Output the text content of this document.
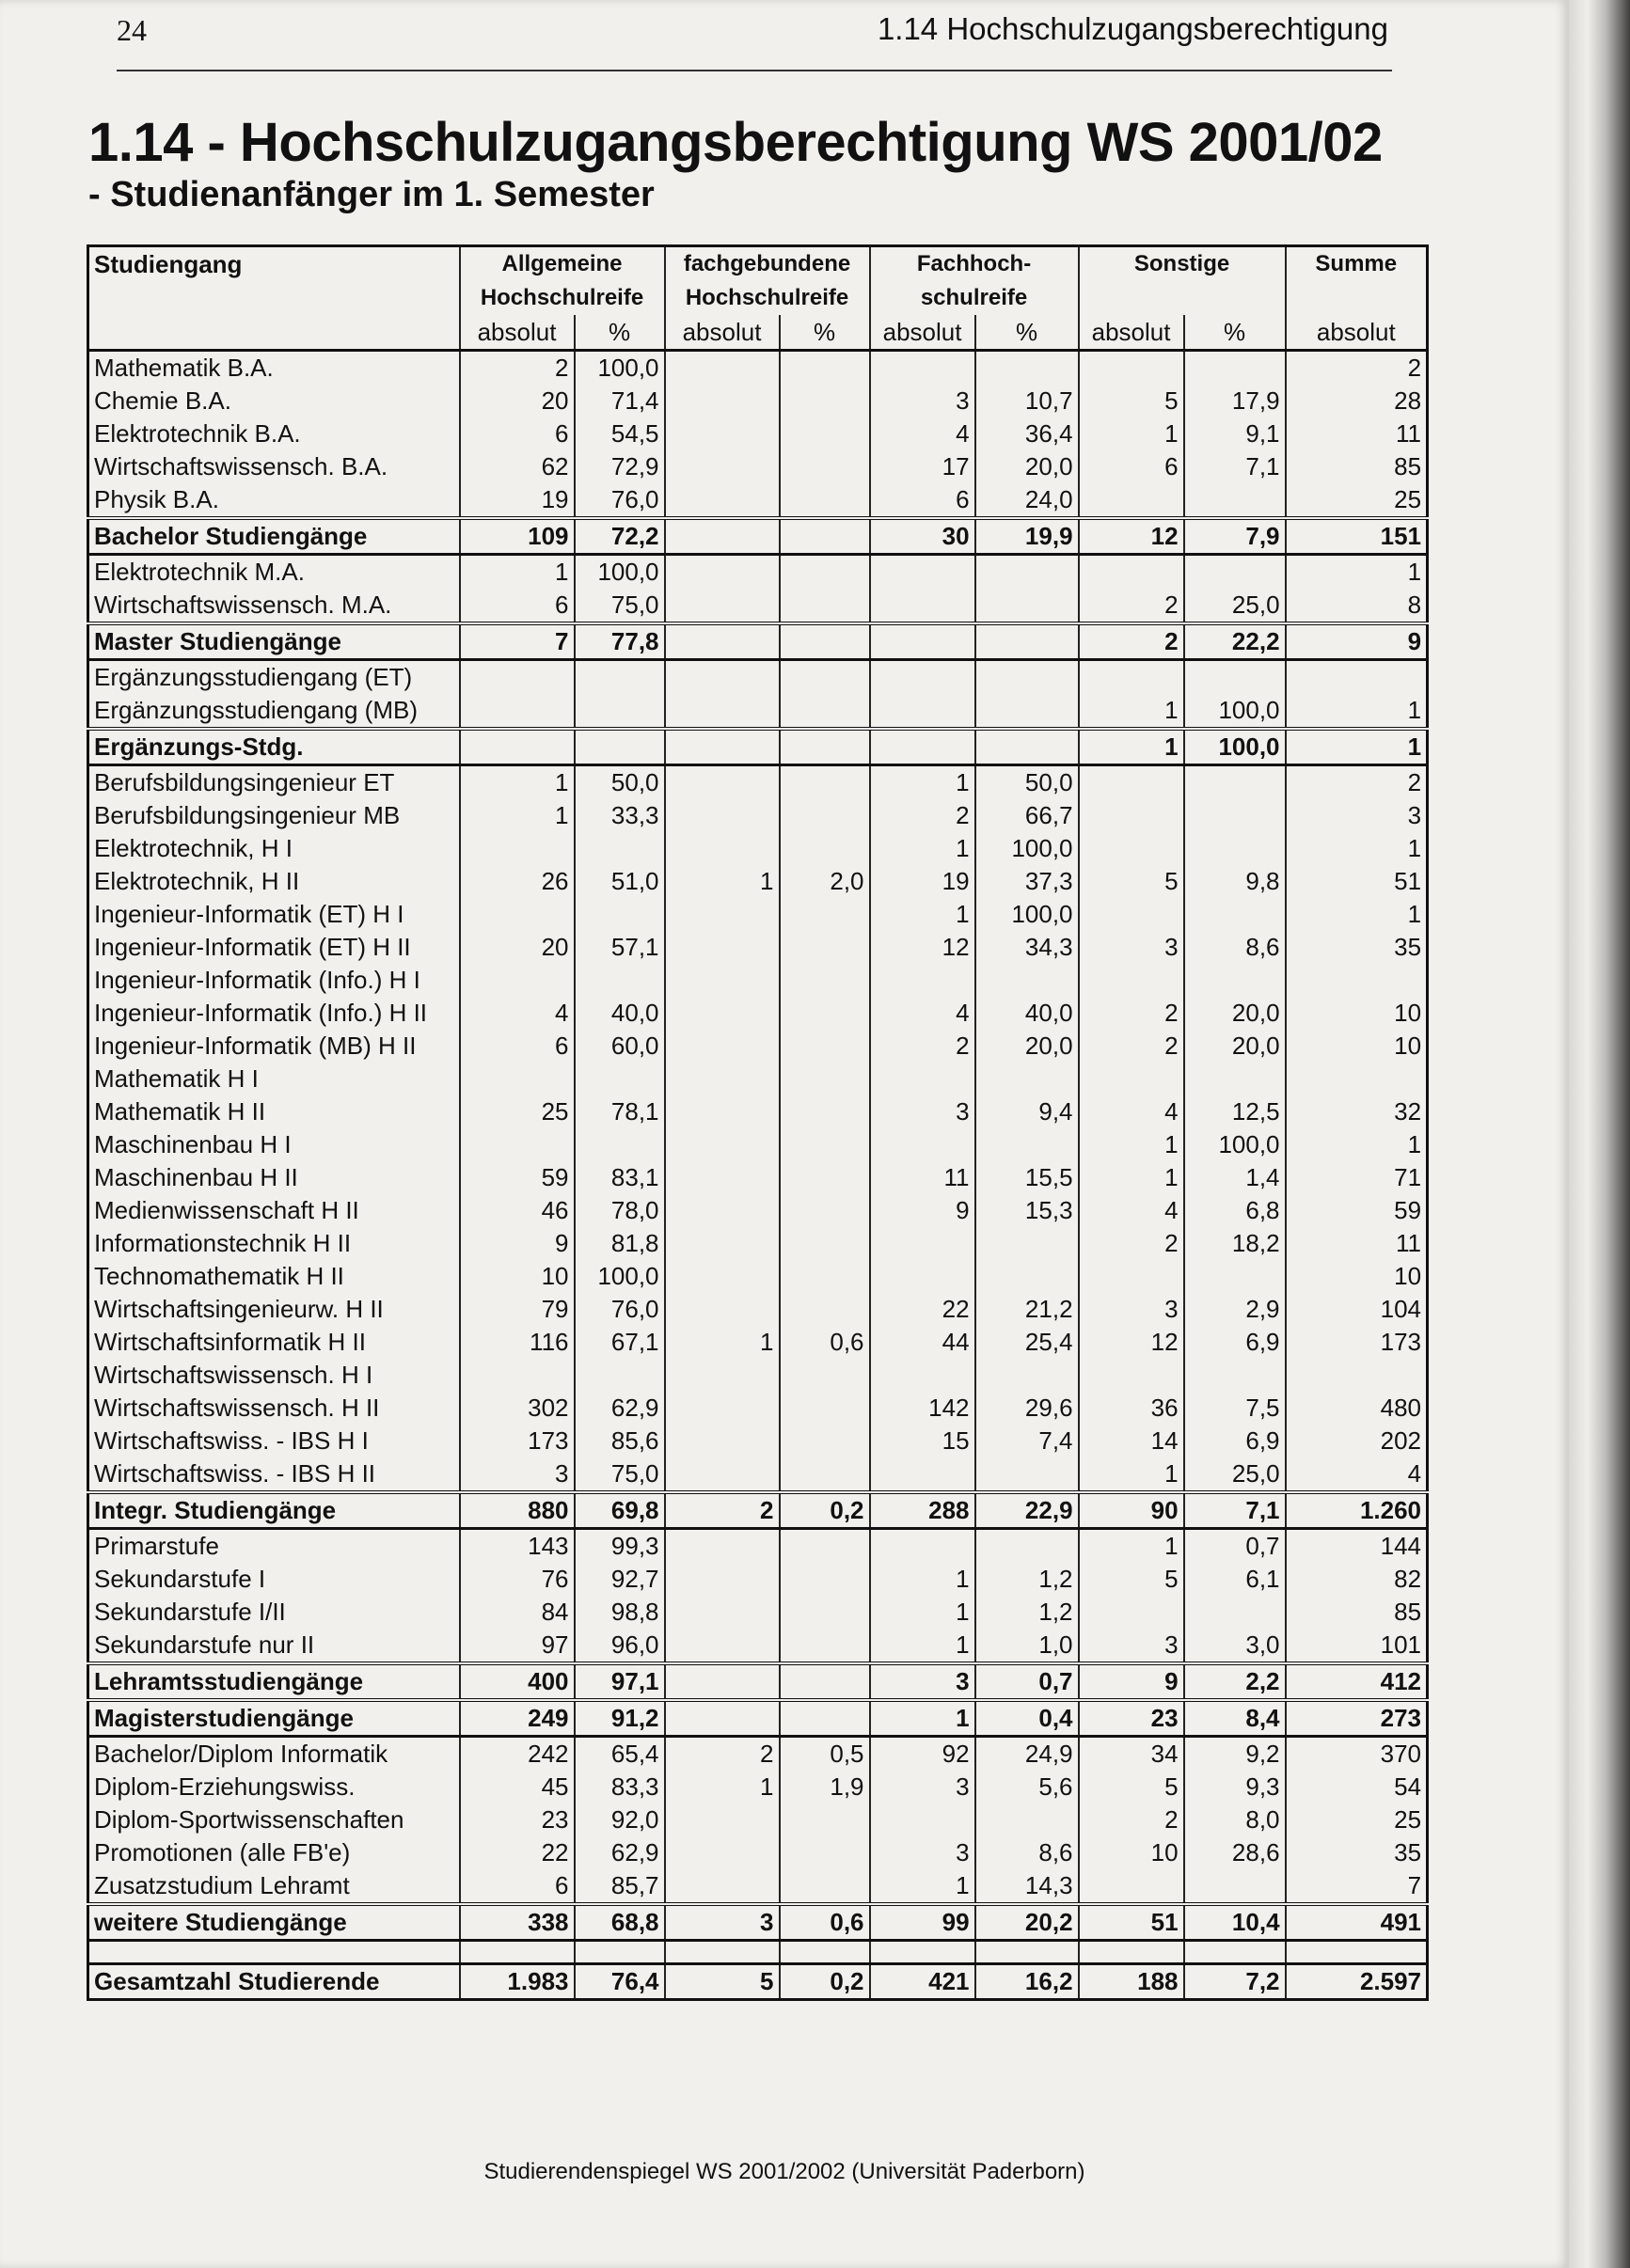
24	1.14 Hochschulzugangsberechtigung
1.14 - Hochschulzugangsberechtigung WS 2001/02
- Studienanfänger im 1. Semester
Studiengang	Allgemeine		fachgebundene		Fachhoch-		Sonstige		Summe
	Hochschulreife		Hochschulreife		schulreife				
	absolut	%	absolut	%	absolut	%	absolut	%	absolut
Mathematik B.A.	2	100,0							2
Chemie B.A.	20	71,4			3	10,7	5	17,9	28
Elektrotechnik B.A.	6	54,5			4	36,4	1	9,1	11
Wirtschaftswissensch. B.A.	62	72,9			17	20,0	6	7,1	85
Physik B.A.	19	76,0			6	24,0			25
Bachelor Studiengänge	109	72,2			30	19,9	12	7,9	151
Elektrotechnik M.A.	1	100,0							1
Wirtschaftswissensch. M.A.	6	75,0					2	25,0	8
Master Studiengänge	7	77,8					2	22,2	9
Ergänzungsstudiengang (ET)									
Ergänzungsstudiengang (MB)							1	100,0	1
Ergänzungs-Stdg.							1	100,0	1
Berufsbildungsingenieur ET	1	50,0			1	50,0			2
Berufsbildungsingenieur MB	1	33,3			2	66,7			3
Elektrotechnik, H I					1	100,0			1
Elektrotechnik, H II	26	51,0	1	2,0	19	37,3	5	9,8	51
Ingenieur-Informatik (ET) H I					1	100,0			1
Ingenieur-Informatik (ET) H II	20	57,1			12	34,3	3	8,6	35
Ingenieur-Informatik (Info.) H I									
Ingenieur-Informatik (Info.) H II	4	40,0			4	40,0	2	20,0	10
Ingenieur-Informatik (MB) H II	6	60,0			2	20,0	2	20,0	10
Mathematik H I									
Mathematik H II	25	78,1			3	9,4	4	12,5	32
Maschinenbau H I							1	100,0	1
Maschinenbau H II	59	83,1			11	15,5	1	1,4	71
Medienwissenschaft H II	46	78,0			9	15,3	4	6,8	59
Informationstechnik H II	9	81,8					2	18,2	11
Technomathematik H II	10	100,0							10
Wirtschaftsingenieurw. H II	79	76,0			22	21,2	3	2,9	104
Wirtschaftsinformatik H II	116	67,1	1	0,6	44	25,4	12	6,9	173
Wirtschaftswissensch. H I									
Wirtschaftswissensch. H II	302	62,9			142	29,6	36	7,5	480
Wirtschaftswiss. - IBS H I	173	85,6			15	7,4	14	6,9	202
Wirtschaftswiss. - IBS H II	3	75,0					1	25,0	4
Integr. Studiengänge	880	69,8	2	0,2	288	22,9	90	7,1	1.260
Primarstufe	143	99,3					1	0,7	144
Sekundarstufe I	76	92,7			1	1,2	5	6,1	82
Sekundarstufe I/II	84	98,8			1	1,2			85
Sekundarstufe nur II	97	96,0			1	1,0	3	3,0	101
Lehramtsstudiengänge	400	97,1			3	0,7	9	2,2	412
Magisterstudiengänge	249	91,2			1	0,4	23	8,4	273
Bachelor/Diplom Informatik	242	65,4	2	0,5	92	24,9	34	9,2	370
Diplom-Erziehungswiss.	45	83,3	1	1,9	3	5,6	5	9,3	54
Diplom-Sportwissenschaften	23	92,0					2	8,0	25
Promotionen (alle FB'e)	22	62,9			3	8,6	10	28,6	35
Zusatzstudium Lehramt	6	85,7			1	14,3			7
weitere Studiengänge	338	68,8	3	0,6	99	20,2	51	10,4	491

Gesamtzahl Studierende	1.983	76,4	5	0,2	421	16,2	188	7,2	2.597
Studierendenspiegel WS 2001/2002 (Universität Paderborn)
